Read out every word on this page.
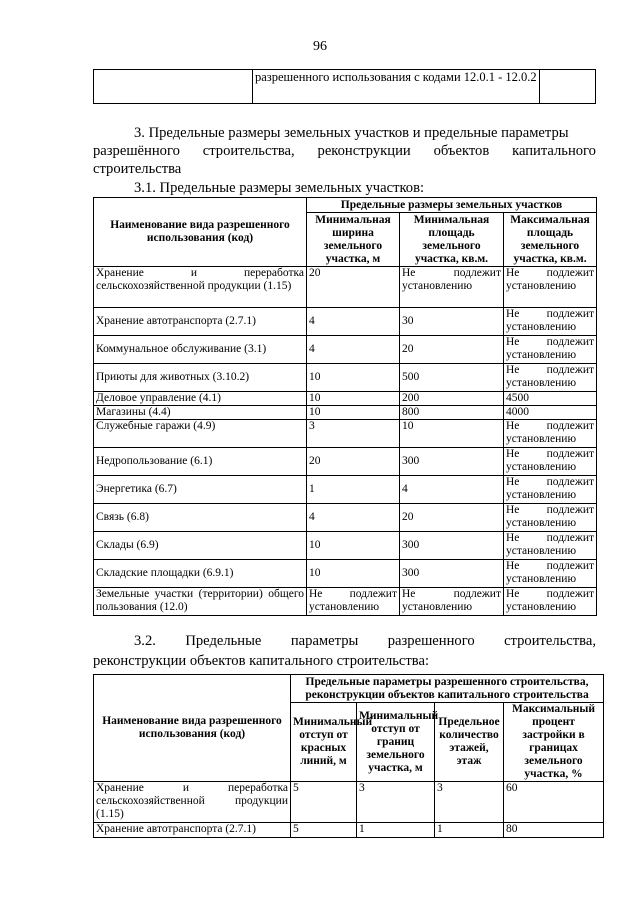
96
	разрешенного использования с кодами 12.0.1 - 12.0.2	
3. Предельные размеры земельных участков и предельные параметры
разрешённого строительства, реконструкции объектов капитального
строительства
3.1. Предельные размеры земельных участков:
Наименование вида разрешенного использования (код)	Предельные размеры земельных участков		
	Минимальная ширина земельного участка, м	Минимальная площадь земельного участка, кв.м.	Максимальная площадь земельного участка, кв.м.
Хранение и переработка сельскохозяйственной продукции (1.15)	20	Не подлежит установлению	Не подлежит установлению
Хранение автотранспорта (2.7.1)	4	30	Не подлежит установлению
Коммунальное обслуживание (3.1)	4	20	Не подлежит установлению
Приюты для животных (3.10.2)	10	500	Не подлежит установлению
Деловое управление (4.1)	10	200	4500
Магазины (4.4)	10	800	4000
Служебные гаражи (4.9)	3	10	Не подлежит установлению
Недропользование (6.1)	20	300	Не подлежит установлению
Энергетика (6.7)	1	4	Не подлежит установлению
Связь (6.8)	4	20	Не подлежит установлению
Склады (6.9)	10	300	Не подлежит установлению
Складские площадки (6.9.1)	10	300	Не подлежит установлению
Земельные участки (территории) общего пользования (12.0)	Не подлежит установлению	Не подлежит установлению	Не подлежит установлению
3.2. Предельные параметры разрешенного строительства,
реконструкции объектов капитального строительства:
Наименование вида разрешенного использования (код)	Предельные параметры разрешенного строительства, реконструкции объектов капитального строительства			
	Минимальный отступ от красных линий, м	Минимальный отступ от границ земельного участка, м	Предельное количество этажей, этаж	Максимальный процент застройки в границах земельного участка, %
Хранение и переработка сельскохозяйственной продукции (1.15)	5	3	3	60
Хранение автотранспорта (2.7.1)	5	1	1	80
